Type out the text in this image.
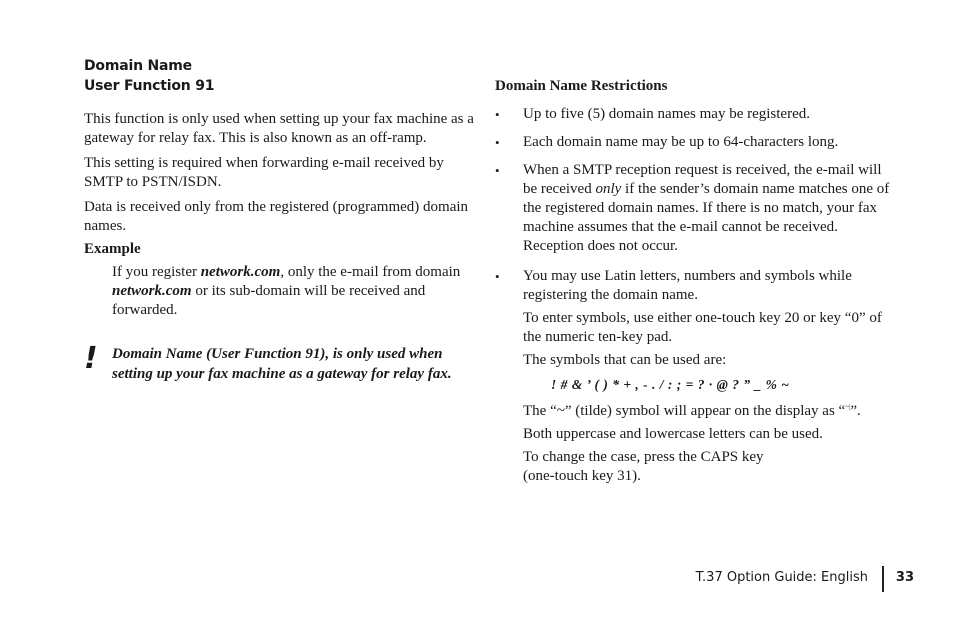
Domain Name
User Function 91

This function is only used when setting up your fax machine as a gateway for relay fax. This is also known as an off-ramp.

This setting is required when forwarding e-mail received by SMTP to PSTN/ISDN.

Data is received only from the registered (programmed) domain names.

Example

If you register network.com, only the e-mail from domain network.com or its sub-domain will be received and forwarded.

! Domain Name (User Function 91), is only used when setting up your fax machine as a gateway for relay fax.
Domain Name Restrictions
• Up to five (5) domain names may be registered.
• Each domain name may be up to 64-characters long.
• When a SMTP reception request is received, the e-mail will be received only if the sender’s domain name matches one of the registered domain names. If there is no match, your fax machine assumes that the e-mail cannot be received. Reception does not occur.
• You may use Latin letters, numbers and symbols while registering the domain name.
To enter symbols, use either one-touch key 20 or key “0” of the numeric ten-key pad.
The symbols that can be used are:
! # & ’ ( ) * + , - . / : ; = ? · @ ? ” _ % ~
The “~” (tilde) symbol will appear on the display as “~|”.
Both uppercase and lowercase letters can be used.
To change the case, press the CAPS key
(one-touch key 31).
T.37 Option Guide: English 33
